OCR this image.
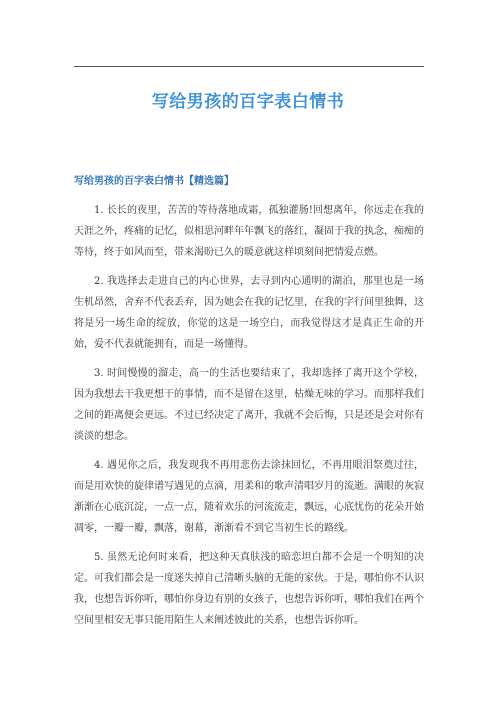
写给男孩的百字表白情书
写给男孩的百字表白情书【精选篇】

1. 长长的夜里，苦苦的等待落地成霜，孤独灌肠!回想离年，你远走在我的天涯之外，疼痛的记忆，似相思河畔年年飘飞的落红，凝固于我的执念，痴痴的等待，终于如风而至，带来渴盼已久的暖意就这样顷刻间把情爱点燃。

2. 我选择去走进自己的内心世界，去寻到内心通明的湖泊，那里也是一场生机昂然，舍弃不代表丢弃，因为她会在我的记忆里，在我的字行间里独舞，这将是另一场生命的绽放，你觉的这是一场空白，而我觉得这才是真正生命的开始，爱不代表就能拥有，而是一场懂得。

3. 时间慢慢的溜走，高一的生活也要结束了，我却选择了离开这个学校，因为我想去干我更想干的事情，而不是留在这里，枯燥无味的学习。而那样我们之间的距离便会更远。不过已经决定了离开，我就不会后悔，只是还是会对你有淡淡的想念。

4. 遇见你之后，我发现我不再用悲伤去涂抹回忆，不再用眼泪祭奠过往，而是用欢快的旋律谱写遇见的点滴，用柔和的歌声清唱岁月的流逝。满眼的灰寂渐渐在心底沉淀，一点一点，随着欢乐的河流流走，飘远，心底忧伤的花朵开始凋零，一瓣一瓣，飘落，谢幕，渐渐看不到它当初生长的路线。

5. 虽然无论何时来看，把这种天真肤浅的暗恋坦白都不会是一个明知的决定。可我们都会是一度迷失掉自己清晰头脑的无能的家伙。于是，哪怕你不认识我，也想告诉你听，哪怕你身边有别的女孩子，也想告诉你听，哪怕我们在两个空间里相安无事只能用陌生人来阐述彼此的关系，也想告诉你听。
